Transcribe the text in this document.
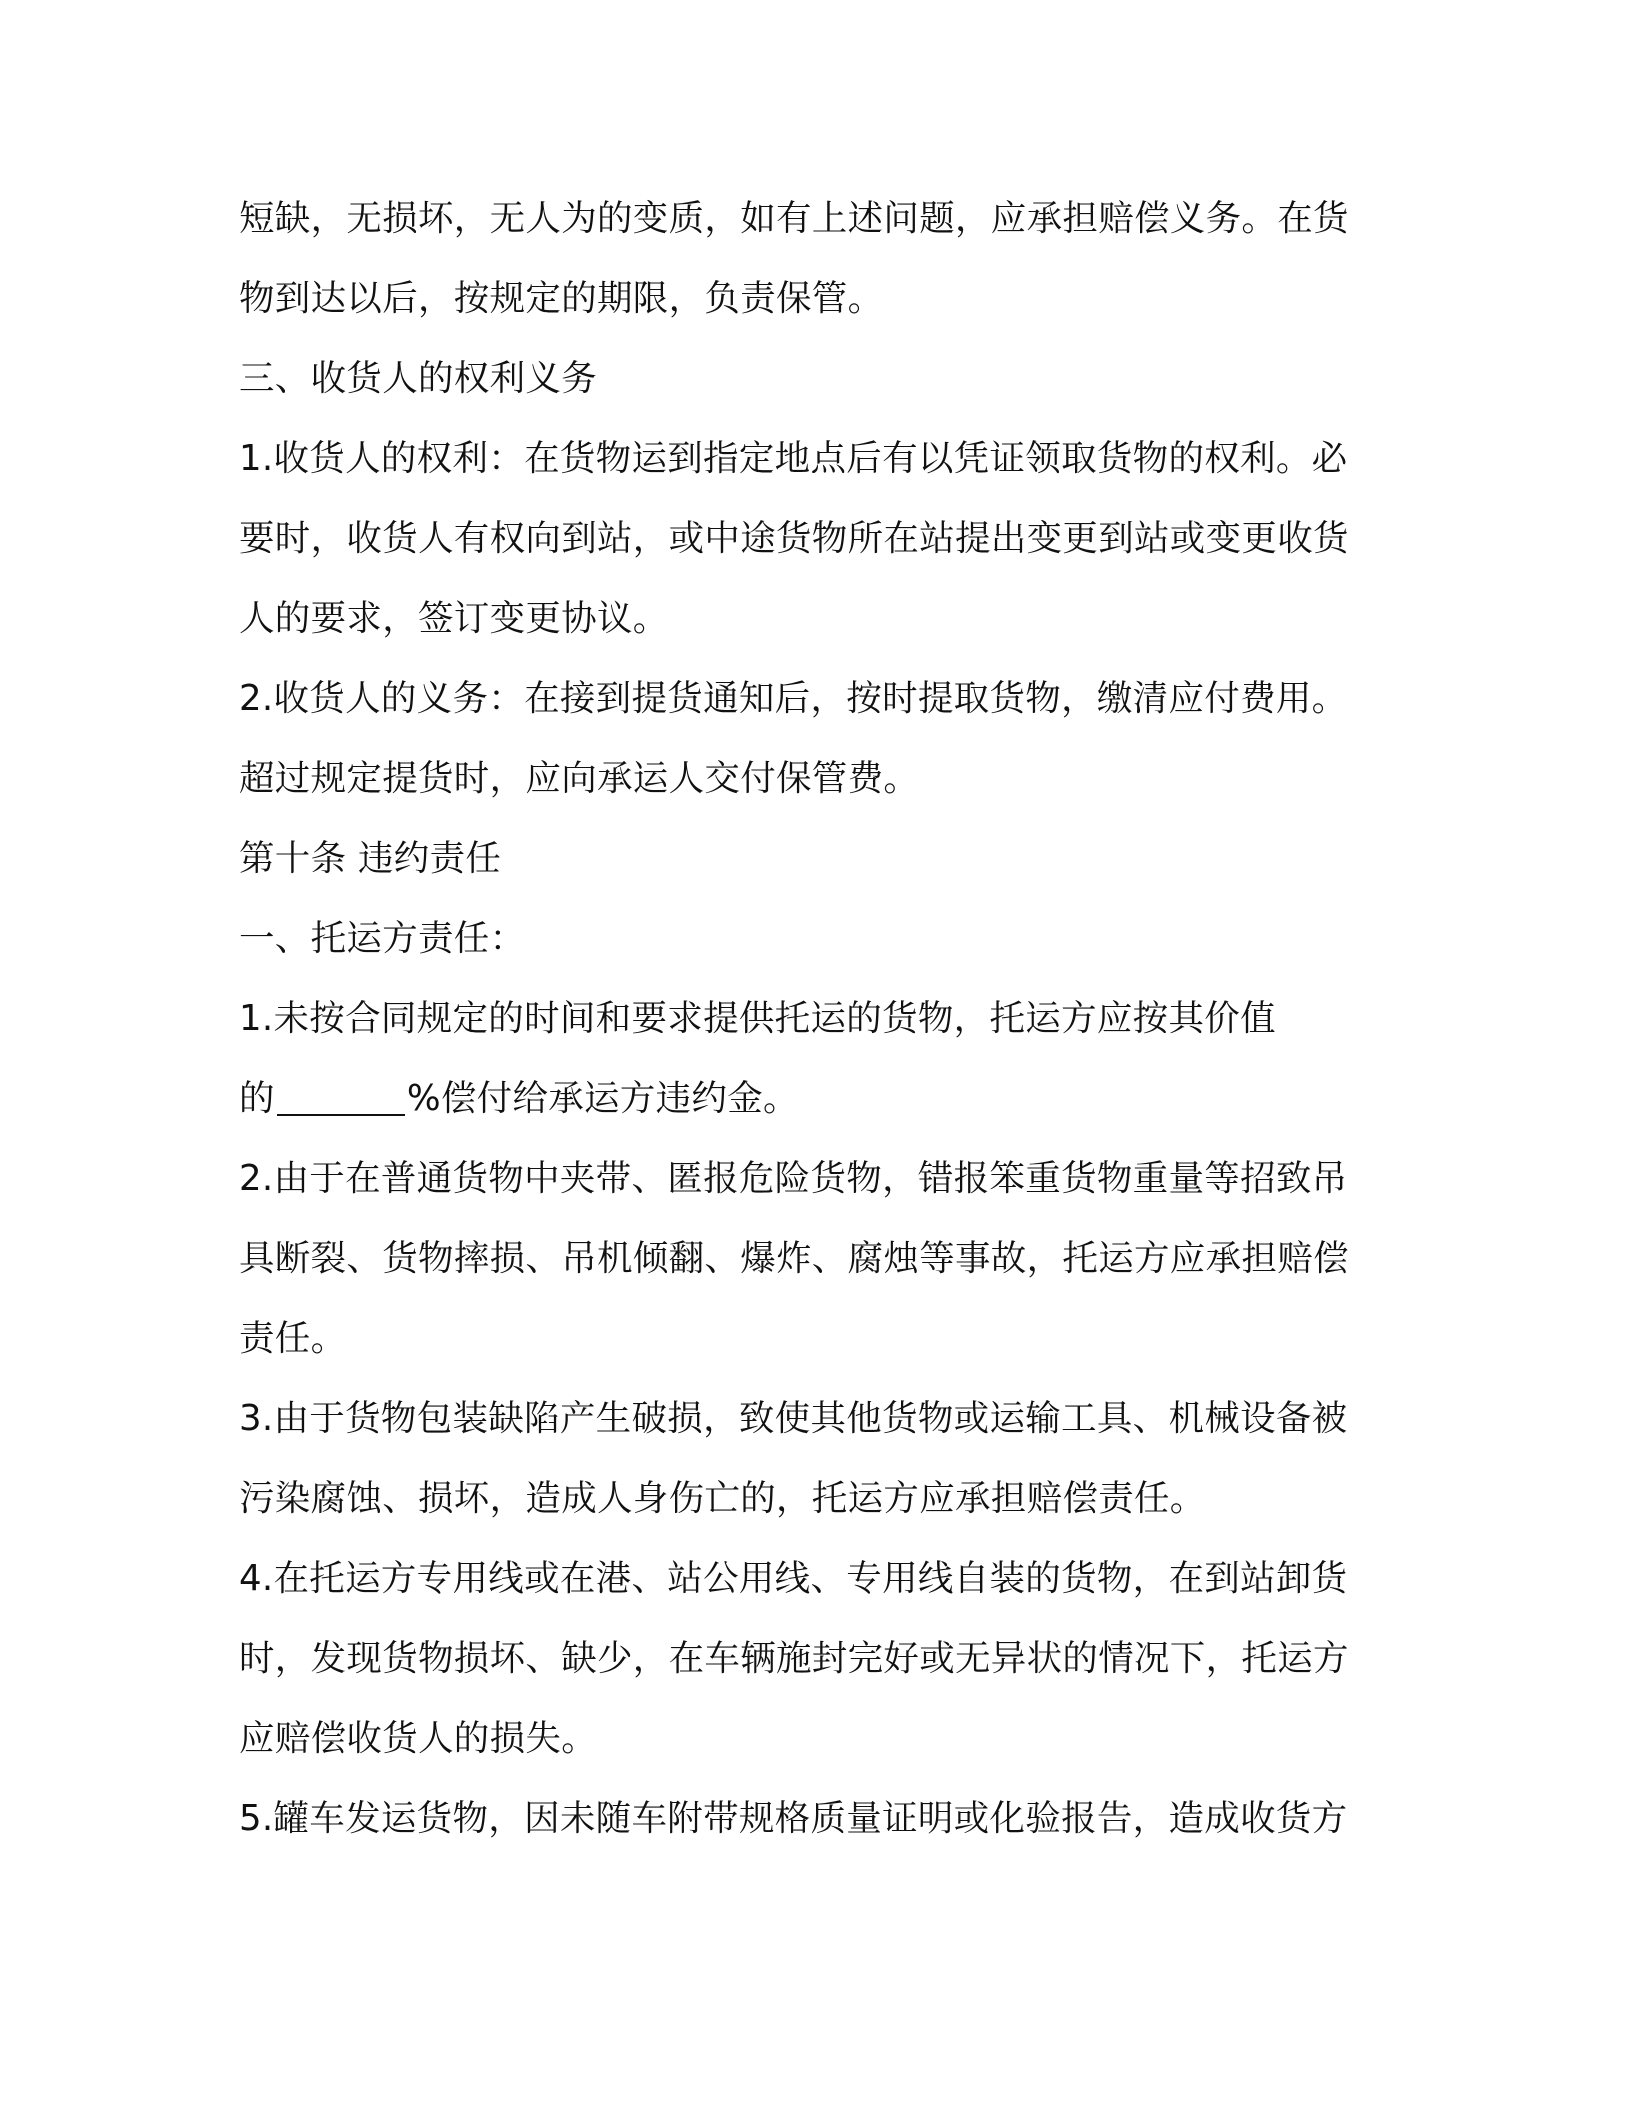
短缺，无损坏，无人为的变质，如有上述问题，应承担赔偿义务。在货
物到达以后，按规定的期限，负责保管。
三、收货人的权利义务
1.收货人的权利：在货物运到指定地点后有以凭证领取货物的权利。必
要时，收货人有权向到站，或中途货物所在站提出变更到站或变更收货
人的要求，签订变更协议。
2.收货人的义务：在接到提货通知后，按时提取货物，缴清应付费用。
超过规定提货时，应向承运人交付保管费。
第十条 违约责任
一、托运方责任：
1.未按合同规定的时间和要求提供托运的货物，托运方应按其价值
的	%偿付给承运方违约金。
2.由于在普通货物中夹带、匿报危险货物，错报笨重货物重量等招致吊
具断裂、货物摔损、吊机倾翻、爆炸、腐烛等事故，托运方应承担赔偿
责任。
3.由于货物包装缺陷产生破损，致使其他货物或运输工具、机械设备被
污染腐蚀、损坏，造成人身伤亡的，托运方应承担赔偿责任。
4.在托运方专用线或在港、站公用线、专用线自装的货物，在到站卸货
时，发现货物损坏、缺少，在车辆施封完好或无异状的情况下，托运方
应赔偿收货人的损失。
5.罐车发运货物，因未随车附带规格质量证明或化验报告，造成收货方
